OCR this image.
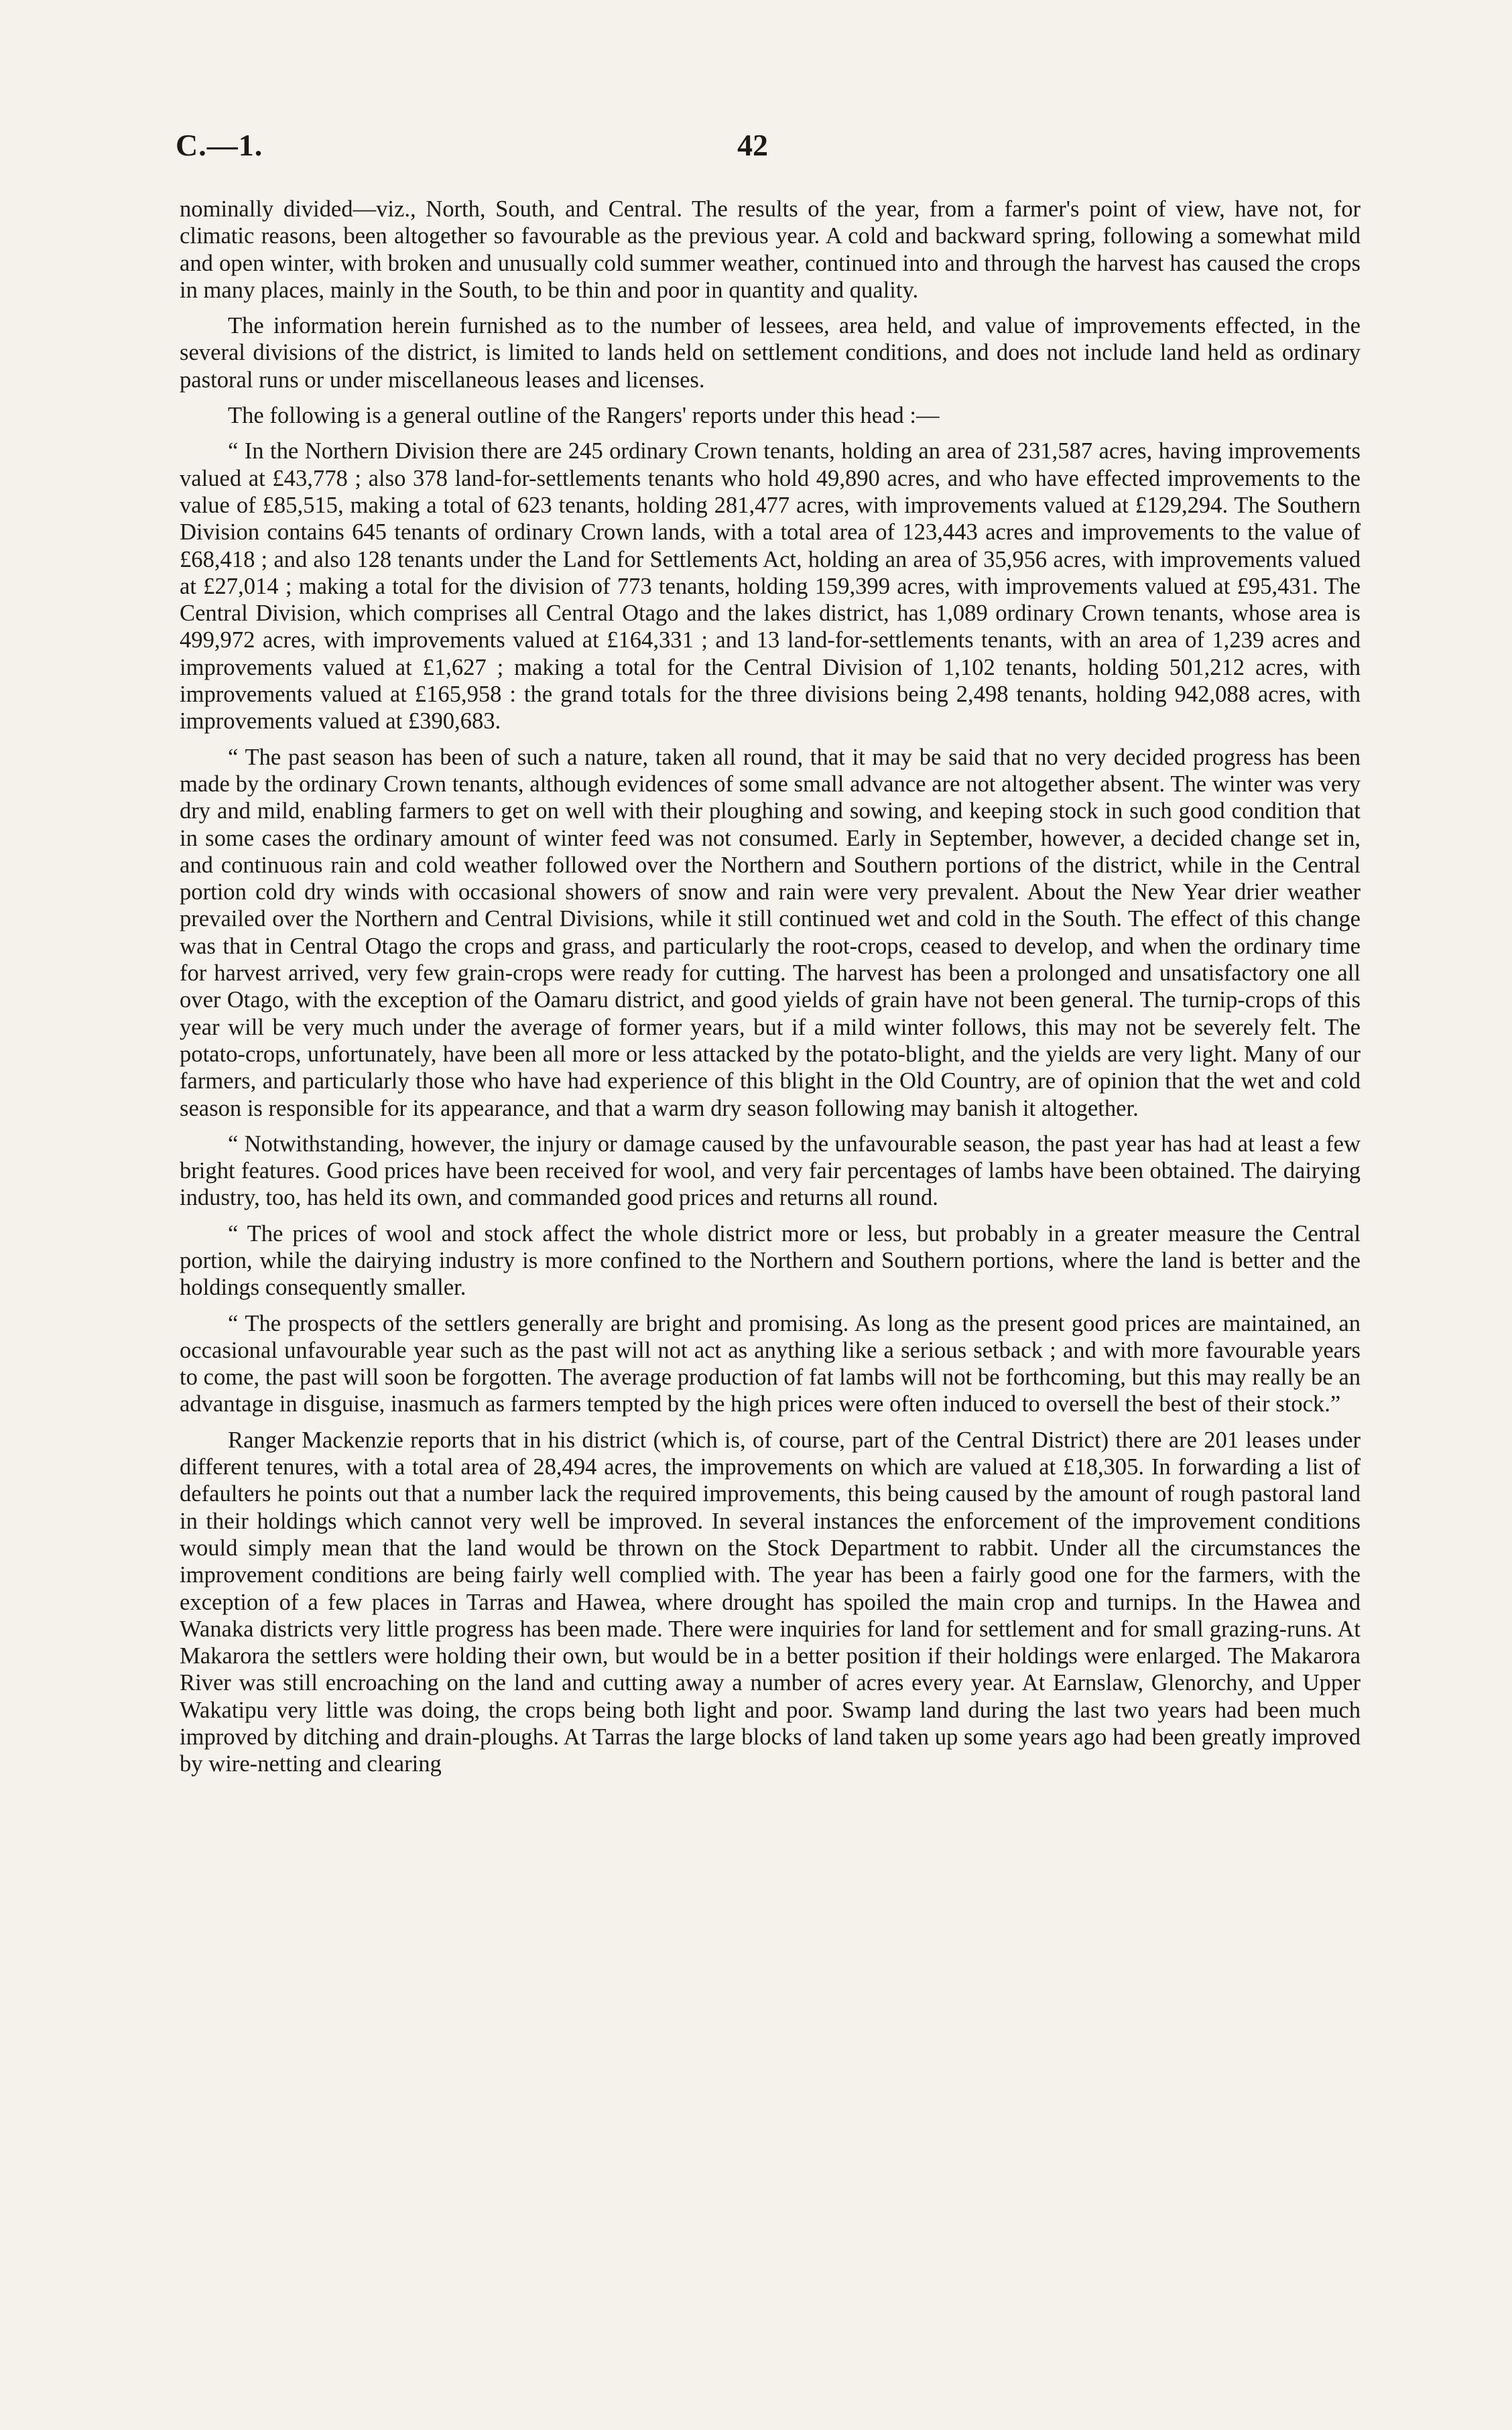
C.—1.	42

nominally divided—viz., North, South, and Central. The results of the year, from a farmer's point of view, have not, for climatic reasons, been altogether so favourable as the previous year. A cold and backward spring, following a somewhat mild and open winter, with broken and unusually cold summer weather, continued into and through the harvest has caused the crops in many places, mainly in the South, to be thin and poor in quantity and quality.

The information herein furnished as to the number of lessees, area held, and value of improvements effected, in the several divisions of the district, is limited to lands held on settlement conditions, and does not include land held as ordinary pastoral runs or under miscellaneous leases and licenses.

The following is a general outline of the Rangers' reports under this head :—

“ In the Northern Division there are 245 ordinary Crown tenants, holding an area of 231,587 acres, having improvements valued at £43,778 ; also 378 land-for-settlements tenants who hold 49,890 acres, and who have effected improvements to the value of £85,515, making a total of 623 tenants, holding 281,477 acres, with improvements valued at £129,294. The Southern Division contains 645 tenants of ordinary Crown lands, with a total area of 123,443 acres and improvements to the value of £68,418 ; and also 128 tenants under the Land for Settlements Act, holding an area of 35,956 acres, with improvements valued at £27,014 ; making a total for the division of 773 tenants, holding 159,399 acres, with improvements valued at £95,431. The Central Division, which comprises all Central Otago and the lakes district, has 1,089 ordinary Crown tenants, whose area is 499,972 acres, with improvements valued at £164,331 ; and 13 land-for-settlements tenants, with an area of 1,239 acres and improvements valued at £1,627 ; making a total for the Central Division of 1,102 tenants, holding 501,212 acres, with improvements valued at £165,958 : the grand totals for the three divisions being 2,498 tenants, holding 942,088 acres, with improvements valued at £390,683.

“ The past season has been of such a nature, taken all round, that it may be said that no very decided progress has been made by the ordinary Crown tenants, although evidences of some small advance are not altogether absent. The winter was very dry and mild, enabling farmers to get on well with their ploughing and sowing, and keeping stock in such good condition that in some cases the ordinary amount of winter feed was not consumed. Early in September, however, a decided change set in, and continuous rain and cold weather followed over the Northern and Southern portions of the district, while in the Central portion cold dry winds with occasional showers of snow and rain were very prevalent. About the New Year drier weather prevailed over the Northern and Central Divisions, while it still continued wet and cold in the South. The effect of this change was that in Central Otago the crops and grass, and particularly the root-crops, ceased to develop, and when the ordinary time for harvest arrived, very few grain-crops were ready for cutting. The harvest has been a prolonged and unsatisfactory one all over Otago, with the exception of the Oamaru district, and good yields of grain have not been general. The turnip-crops of this year will be very much under the average of former years, but if a mild winter follows, this may not be severely felt. The potato-crops, unfortunately, have been all more or less attacked by the potato-blight, and the yields are very light. Many of our farmers, and particularly those who have had experience of this blight in the Old Country, are of opinion that the wet and cold season is responsible for its appearance, and that a warm dry season following may banish it altogether.

“ Notwithstanding, however, the injury or damage caused by the unfavourable season, the past year has had at least a few bright features. Good prices have been received for wool, and very fair percentages of lambs have been obtained. The dairying industry, too, has held its own, and commanded good prices and returns all round.

“ The prices of wool and stock affect the whole district more or less, but probably in a greater measure the Central portion, while the dairying industry is more confined to the Northern and Southern portions, where the land is better and the holdings consequently smaller.

“ The prospects of the settlers generally are bright and promising. As long as the present good prices are maintained, an occasional unfavourable year such as the past will not act as anything like a serious setback ; and with more favourable years to come, the past will soon be forgotten. The average production of fat lambs will not be forthcoming, but this may really be an advantage in disguise, inasmuch as farmers tempted by the high prices were often induced to oversell the best of their stock.”

Ranger Mackenzie reports that in his district (which is, of course, part of the Central District) there are 201 leases under different tenures, with a total area of 28,494 acres, the improvements on which are valued at £18,305. In forwarding a list of defaulters he points out that a number lack the required improvements, this being caused by the amount of rough pastoral land in their holdings which cannot very well be improved. In several instances the enforcement of the improvement conditions would simply mean that the land would be thrown on the Stock Department to rabbit. Under all the circumstances the improvement conditions are being fairly well complied with. The year has been a fairly good one for the farmers, with the exception of a few places in Tarras and Hawea, where drought has spoiled the main crop and turnips. In the Hawea and Wanaka districts very little progress has been made. There were inquiries for land for settlement and for small grazing-runs. At Makarora the settlers were holding their own, but would be in a better position if their holdings were enlarged. The Makarora River was still encroaching on the land and cutting away a number of acres every year. At Earnslaw, Glenorchy, and Upper Wakatipu very little was doing, the crops being both light and poor. Swamp land during the last two years had been much improved by ditching and drain-ploughs. At Tarras the large blocks of land taken up some years ago had been greatly improved by wire-netting and clearing
